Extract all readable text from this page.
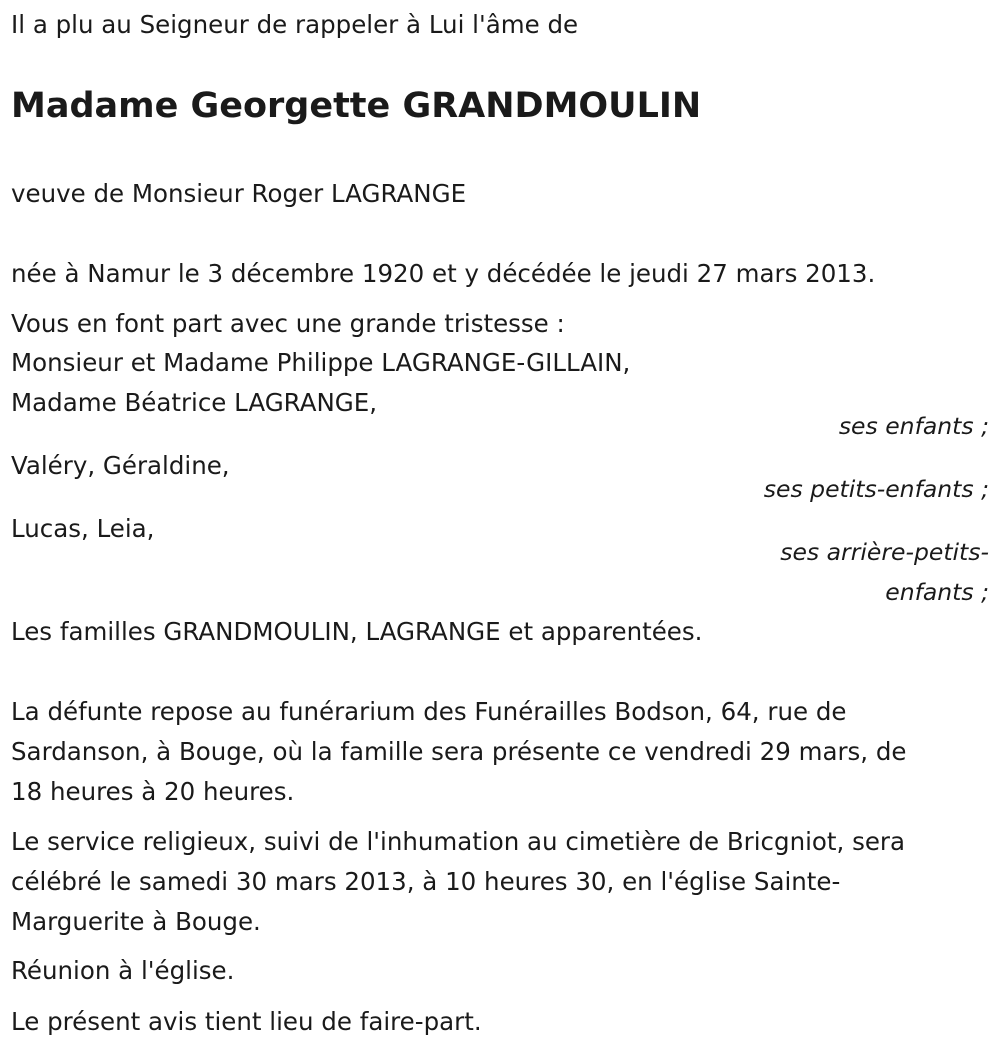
Il a plu au Seigneur de rappeler à Lui l'âme de
Madame Georgette GRANDMOULIN
veuve de Monsieur Roger LAGRANGE
née à Namur le 3 décembre 1920 et y décédée le jeudi 27 mars 2013.
Vous en font part avec une grande tristesse :
Monsieur et Madame Philippe LAGRANGE-GILLAIN,
Madame Béatrice LAGRANGE,
ses enfants ;
Valéry, Géraldine,
ses petits-enfants ;
Lucas, Leia,
ses arrière-petits-
enfants ;
Les familles GRANDMOULIN, LAGRANGE et apparentées.
La défunte repose au funérarium des Funérailles Bodson, 64, rue de
Sardanson, à Bouge, où la famille sera présente ce vendredi 29 mars, de
18 heures à 20 heures.
Le service religieux, suivi de l'inhumation au cimetière de Bricgniot, sera
célébré le samedi 30 mars 2013, à 10 heures 30, en l'église Sainte-
Marguerite à Bouge.
Réunion à l'église.
Le présent avis tient lieu de faire-part.
